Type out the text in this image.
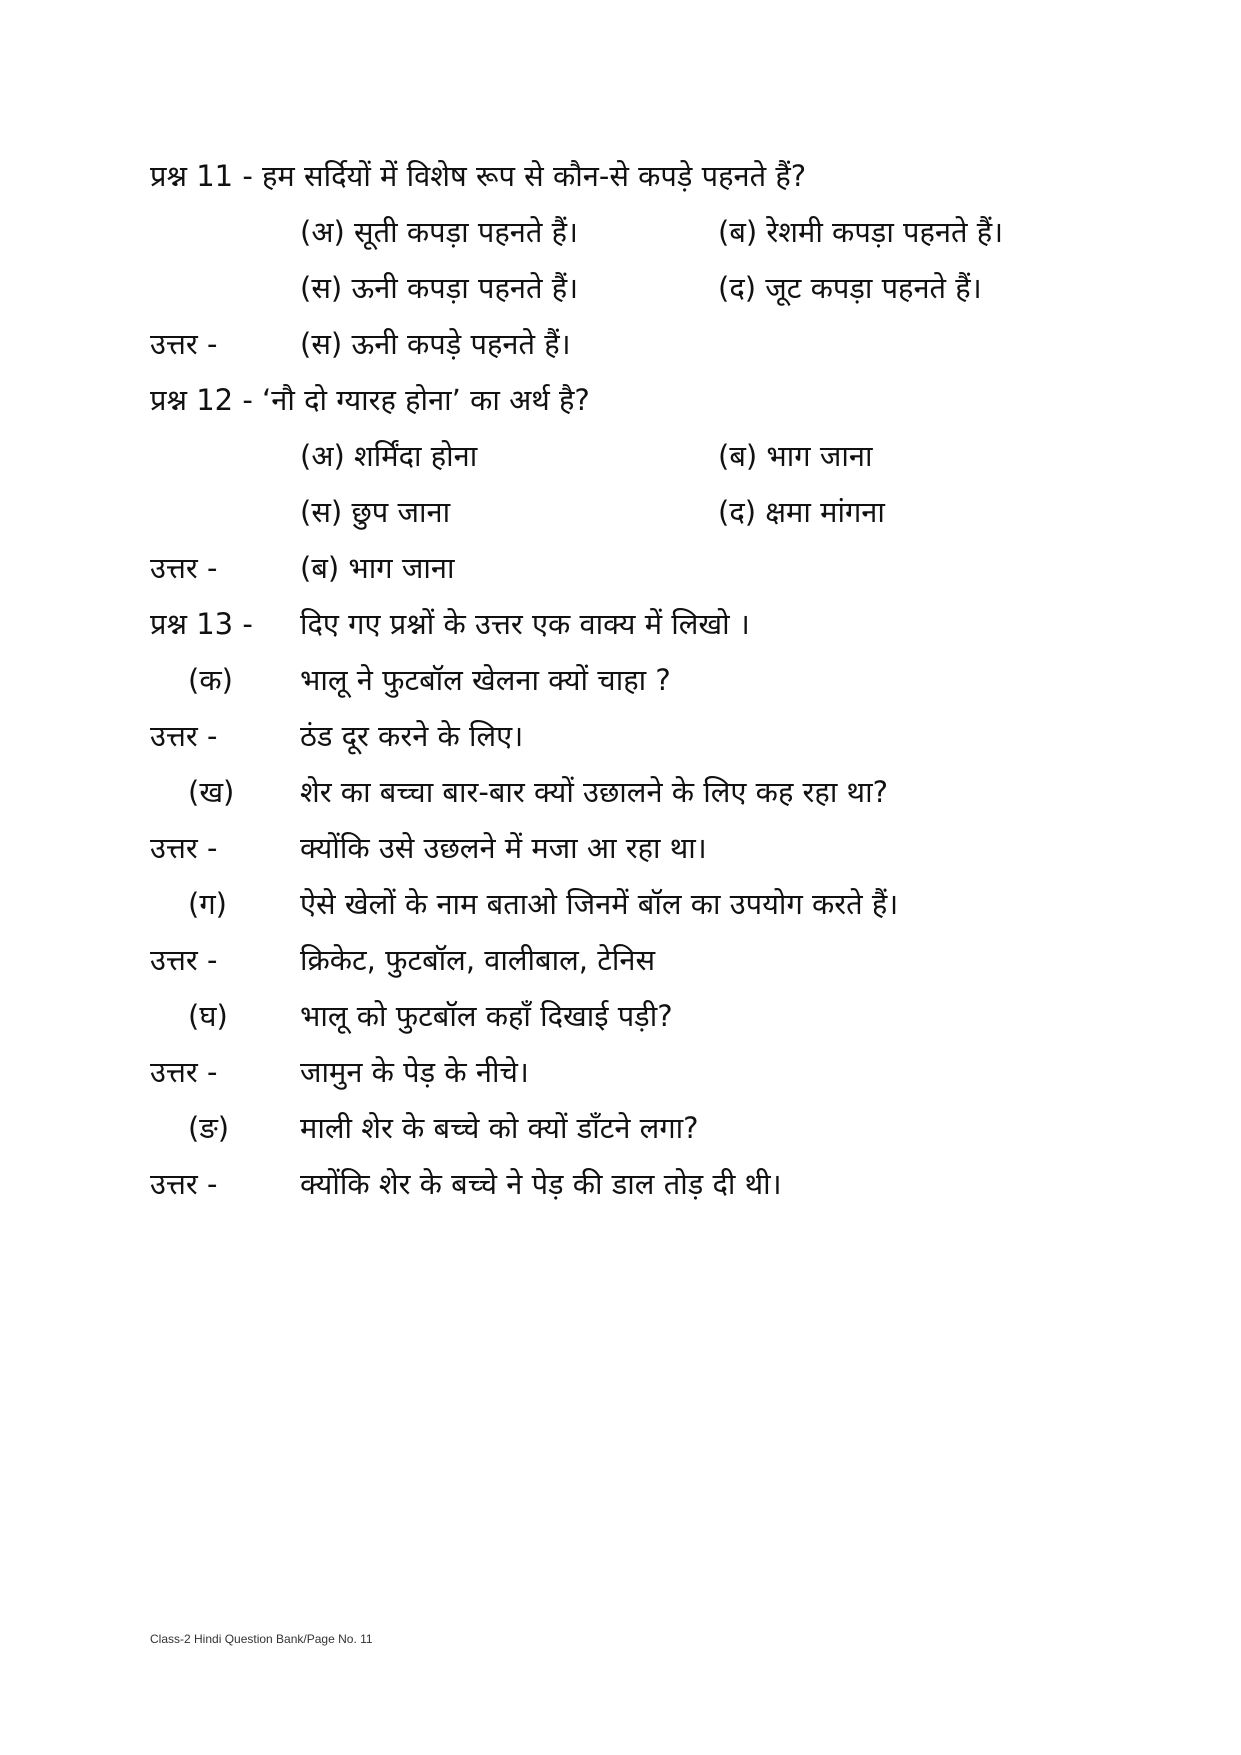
प्रश्न 11 - हम सर्दियों में विशेष रूप से कौन-से कपड़े पहनते हैं?
(अ) सूती कपड़ा पहनते हैं।	(ब) रेशमी कपड़ा पहनते हैं।
(स) ऊनी कपड़ा पहनते हैं।	(द) जूट कपड़ा पहनते हैं।
उत्तर -	(स) ऊनी कपड़े पहनते हैं।
प्रश्न 12 - ‘नौ दो ग्यारह होना’ का अर्थ है?
(अ) शर्मिंदा होना	(ब) भाग जाना
(स) छुप जाना	(द) क्षमा मांगना
उत्तर -	(ब) भाग जाना
प्रश्न 13 - दिए गए प्रश्नों के उत्तर एक वाक्य में लिखो ।
(क) भालू ने फुटबॉल खेलना क्यों चाहा ?
उत्तर -	ठंड दूर करने के लिए।
(ख) शेर का बच्चा बार-बार क्यों उछालने के लिए कह रहा था?
उत्तर -	क्योंकि उसे उछलने में मजा आ रहा था।
(ग)	ऐसे खेलों के नाम बताओ जिनमें बॉल का उपयोग करते हैं।
उत्तर -	क्रिकेट, फुटबॉल, वालीबाल, टेनिस
(घ) भालू को फुटबॉल कहाँ दिखाई पड़ी?
उत्तर -	जामुन के पेड़ के नीचे।
(ङ) माली शेर के बच्चे को क्यों डाँटने लगा?
उत्तर -	क्योंकि शेर के बच्चे ने पेड़ की डाल तोड़ दी थी।
Class-2 Hindi Question Bank/Page No. 11
